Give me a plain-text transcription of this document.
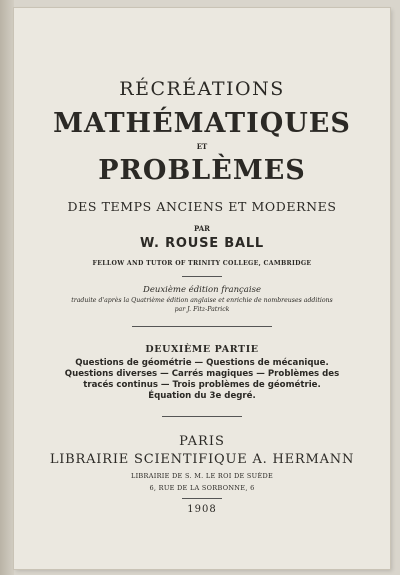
RÉCRÉATIONS
MATHÉMATIQUES
ET
PROBLÈMES
DES TEMPS ANCIENS ET MODERNES
PAR
W. ROUSE BALL
FELLOW AND TUTOR OF TRINITY COLLEGE, CAMBRIDGE
Deuxième édition française
traduite d'après la Quatrième édition anglaise et enrichie de nombreuses additions
par J. Fitz-Patrick
DEUXIÈME PARTIE
Questions de géométrie — Questions de mécanique.
Questions diverses — Carrés magiques — Problèmes des
tracés continus — Trois problèmes de géométrie.
Équation du 3e degré.
PARIS
LIBRAIRIE SCIENTIFIQUE A. HERMANN
LIBRAIRIE DE S. M. LE ROI DE SUÈDE
6, RUE DE LA SORBONNE, 6
1908
